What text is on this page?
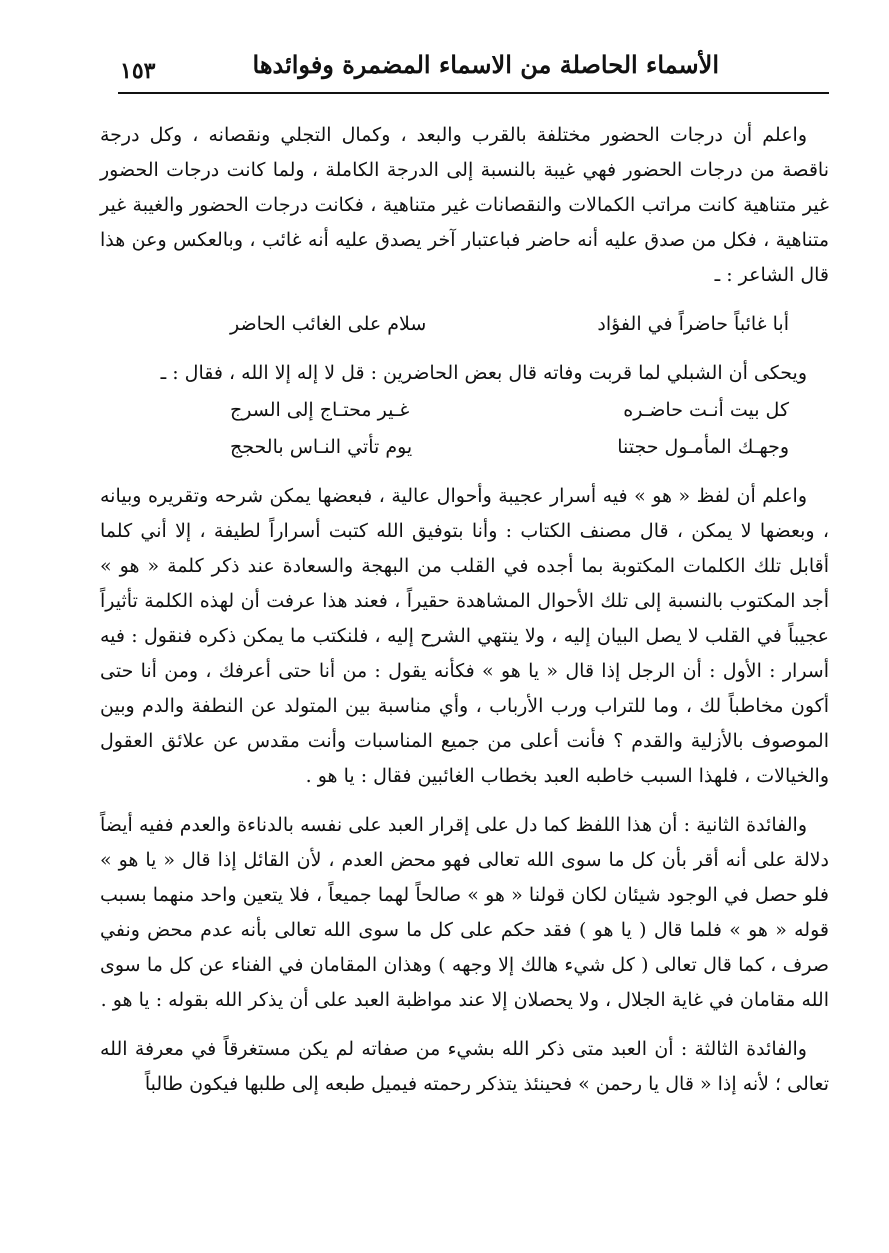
الأسماء الحاصلة من الاسماء المضمرة وفوائدها
١٥٣

واعلم أن درجات الحضور مختلفة بالقرب والبعد ، وكمال التجلي ونقصانه ، وكل درجة ناقصة من درجات الحضور فهي غيبة بالنسبة إلى الدرجة الكاملة ، ولما كانت درجات الحضور غير متناهية كانت مراتب الكمالات والنقصانات غير متناهية ، فكانت درجات الحضور والغيبة غير متناهية ، فكل من صدق عليه أنه حاضر فباعتبار آخر يصدق عليه أنه غائب ، وبالعكس وعن هذا قال الشاعر : ـ

أبا غائباً حاضراً في الفؤاد
سلام على الغائب الحاضر

ويحكى أن الشبلي لما قربت وفاته قال بعض الحاضرين : قل لا إله إلا الله ، فقال : ـ

كل بيت أنـت حاضـره
غـير محتـاج إلى السرج
وجهـك المأمـول حجتنا
يوم تأتي النـاس بالحجج

واعلم أن لفظ « هو » فيه أسرار عجيبة وأحوال عالية ، فبعضها يمكن شرحه وتقريره وبيانه ، وبعضها لا يمكن ، قال مصنف الكتاب : وأنا بتوفيق الله كتبت أسراراً لطيفة ، إلا أني كلما أقابل تلك الكلمات المكتوبة بما أجده في القلب من البهجة والسعادة عند ذكر كلمة « هو » أجد المكتوب بالنسبة إلى تلك الأحوال المشاهدة حقيراً ، فعند هذا عرفت أن لهذه الكلمة تأثيراً عجيباً في القلب لا يصل البيان إليه ، ولا ينتهي الشرح إليه ، فلنكتب ما يمكن ذكره فنقول : فيه أسرار : الأول : أن الرجل إذا قال « يا هو » فكأنه يقول : من أنا حتى أعرفك ، ومن أنا حتى أكون مخاطباً لك ، وما للتراب ورب الأرباب ، وأي مناسبة بين المتولد عن النطفة والدم وبين الموصوف بالأزلية والقدم ؟ فأنت أعلى من جميع المناسبات وأنت مقدس عن علائق العقول والخيالات ، فلهذا السبب خاطبه العبد بخطاب الغائبين فقال : يا هو .

والفائدة الثانية : أن هذا اللفظ كما دل على إقرار العبد على نفسه بالدناءة والعدم ففيه أيضاً دلالة على أنه أقر بأن كل ما سوى الله تعالى فهو محض العدم ، لأن القائل إذا قال « يا هو » فلو حصل في الوجود شيئان لكان قولنا « هو » صالحاً لهما جميعاً ، فلا يتعين واحد منهما بسبب قوله « هو » فلما قال ( يا هو ) فقد حكم على كل ما سوى الله تعالى بأنه عدم محض ونفي صرف ، كما قال تعالى ( كل شيء هالك إلا وجهه ) وهذان المقامان في الفناء عن كل ما سوى الله مقامان في غاية الجلال ، ولا يحصلان إلا عند مواظبة العبد على أن يذكر الله بقوله : يا هو .

والفائدة الثالثة : أن العبد متى ذكر الله بشيء من صفاته لم يكن مستغرقاً في معرفة الله تعالى ؛ لأنه إذا « قال يا رحمن » فحينئذ يتذكر رحمته فيميل طبعه إلى طلبها فيكون طالباً
